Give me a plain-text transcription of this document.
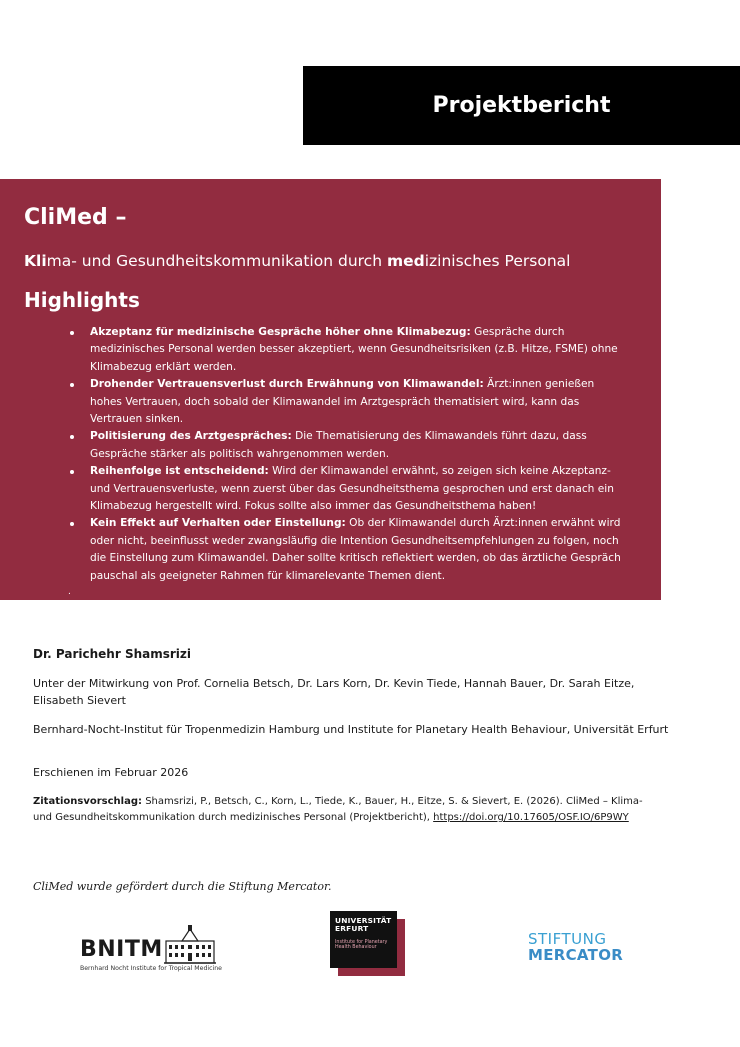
Projektbericht
CliMed –
Klima- und Gesundheitskommunikation durch medizinisches Personal
Highlights
Akzeptanz für medizinische Gespräche höher ohne Klimabezug: Gespräche durch medizinisches Personal werden besser akzeptiert, wenn Gesundheitsrisiken (z.B. Hitze, FSME) ohne Klimabezug erklärt werden.
Drohender Vertrauensverlust durch Erwähnung von Klimawandel: Ärzt:innen genießen hohes Vertrauen, doch sobald der Klimawandel im Arztgespräch thematisiert wird, kann das Vertrauen sinken.
Politisierung des Arztgespräches: Die Thematisierung des Klimawandels führt dazu, dass Gespräche stärker als politisch wahrgenommen werden.
Reihenfolge ist entscheidend: Wird der Klimawandel erwähnt, so zeigen sich keine Akzeptanz- und Vertrauensverluste, wenn zuerst über das Gesundheitsthema gesprochen und erst danach ein Klimabezug hergestellt wird. Fokus sollte also immer das Gesundheitsthema haben!
Kein Effekt auf Verhalten oder Einstellung: Ob der Klimawandel durch Ärzt:innen erwähnt wird oder nicht, beeinflusst weder zwangsläufig die Intention Gesundheitsempfehlungen zu folgen, noch die Einstellung zum Klimawandel. Daher sollte kritisch reflektiert werden, ob das ärztliche Gespräch pauschal als geeigneter Rahmen für klimarelevante Themen dient.
.
Dr. Parichehr Shamsrizi

Unter der Mitwirkung von Prof. Cornelia Betsch, Dr. Lars Korn, Dr. Kevin Tiede, Hannah Bauer, Dr. Sarah Eitze, Elisabeth Sievert

Bernhard-Nocht-Institut für Tropenmedizin Hamburg und Institute for Planetary Health Behaviour, Universität Erfurt

Erschienen im Februar 2026

Zitationsvorschlag: Shamsrizi, P., Betsch, C., Korn, L., Tiede, K., Bauer, H., Eitze, S. & Sievert, E. (2026). CliMed – Klima- und Gesundheitskommunikation durch medizinisches Personal (Projektbericht), https://doi.org/10.17605/OSF.IO/6P9WY

CliMed wurde gefördert durch die Stiftung Mercator.

BNITM
Bernhard Nocht Institute for Tropical Medicine
UNIVERSITÄT
ERFURT
Institute for Planetary
Health Behaviour	STIFTUNG
MERCATOR
